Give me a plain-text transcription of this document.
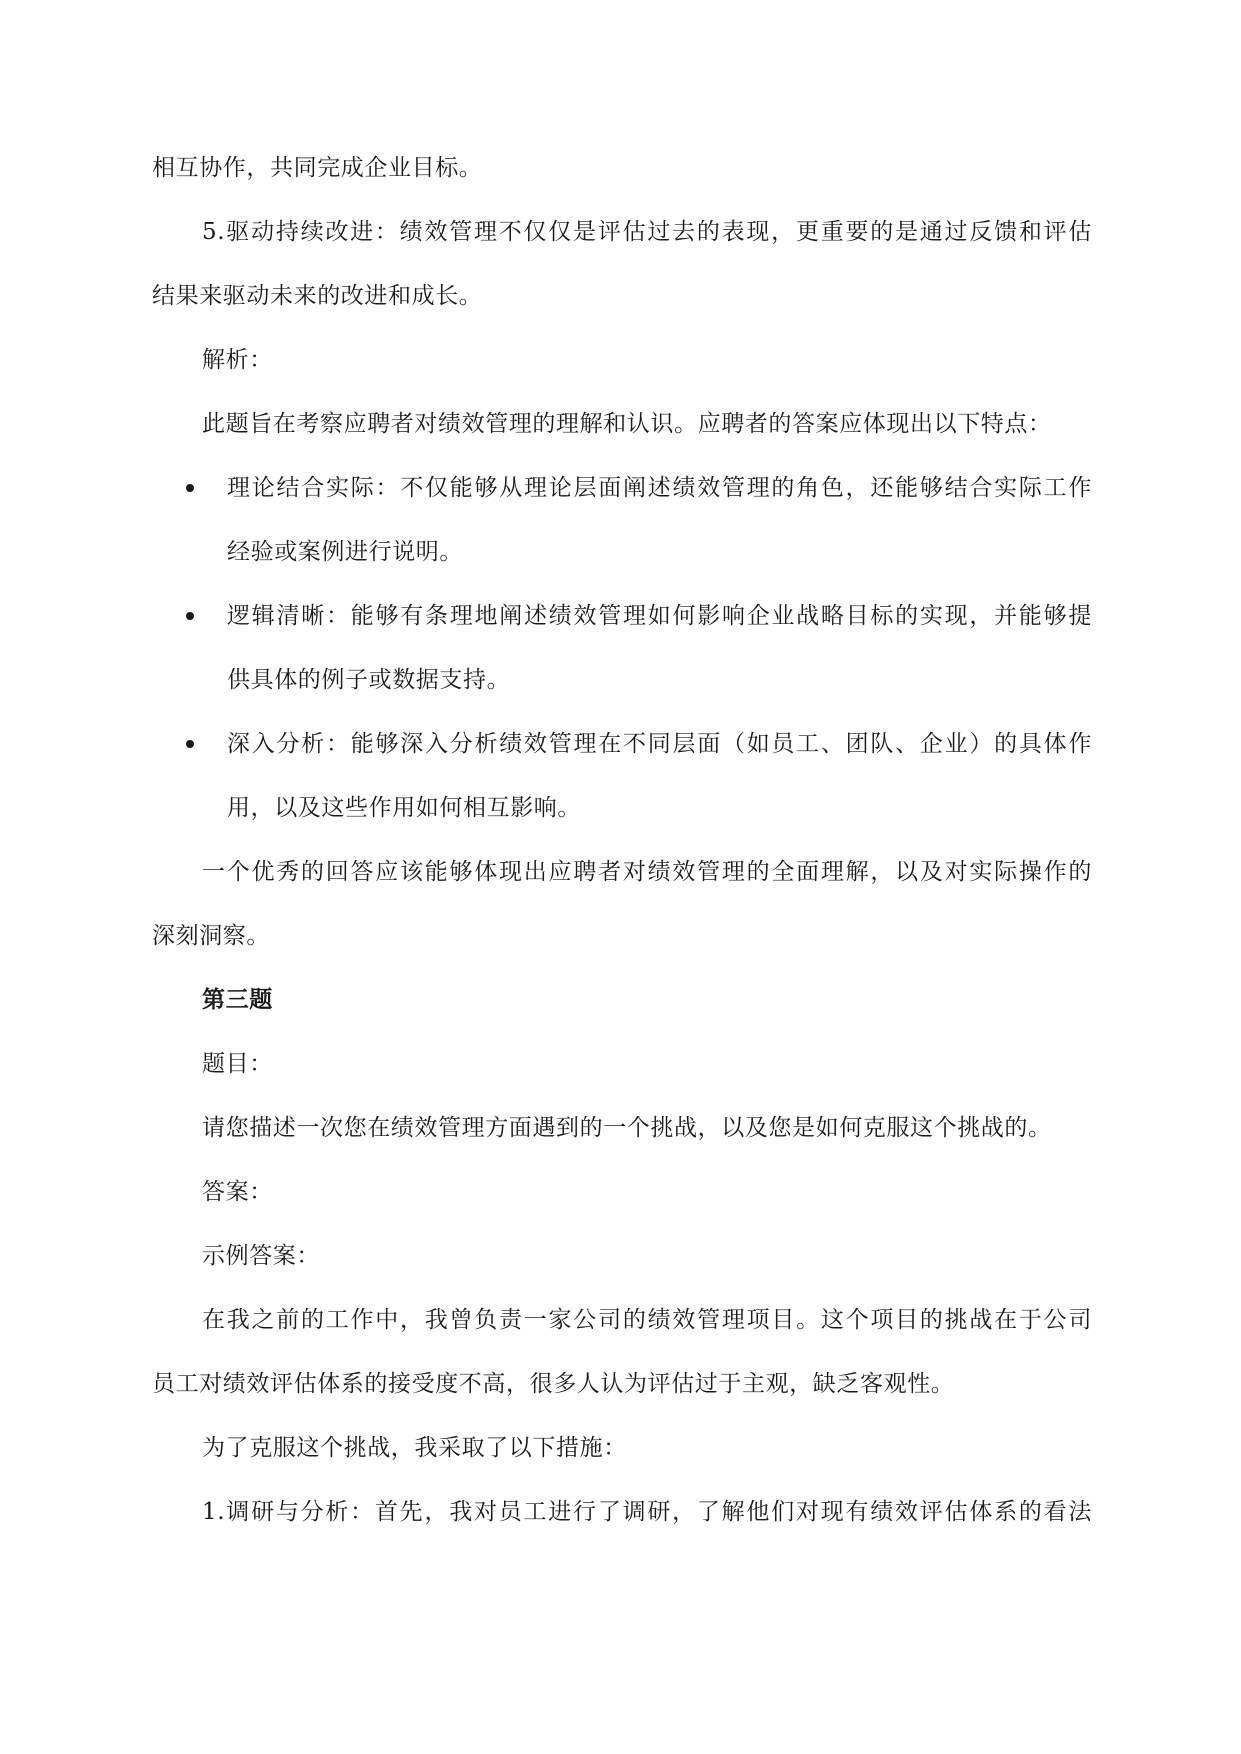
相互协作，共同完成企业目标。
5.驱动持续改进：绩效管理不仅仅是评估过去的表现，更重要的是通过反馈和评估
结果来驱动未来的改进和成长。
解析：
此题旨在考察应聘者对绩效管理的理解和认识。应聘者的答案应体现出以下特点：
理论结合实际：不仅能够从理论层面阐述绩效管理的角色，还能够结合实际工作
经验或案例进行说明。
逻辑清晰：能够有条理地阐述绩效管理如何影响企业战略目标的实现，并能够提
供具体的例子或数据支持。
深入分析：能够深入分析绩效管理在不同层面（如员工、团队、企业）的具体作
用，以及这些作用如何相互影响。
一个优秀的回答应该能够体现出应聘者对绩效管理的全面理解，以及对实际操作的
深刻洞察。
第三题
题目：
请您描述一次您在绩效管理方面遇到的一个挑战，以及您是如何克服这个挑战的。
答案：
示例答案：
在我之前的工作中，我曾负责一家公司的绩效管理项目。这个项目的挑战在于公司
员工对绩效评估体系的接受度不高，很多人认为评估过于主观，缺乏客观性。
为了克服这个挑战，我采取了以下措施：
1.调研与分析：首先，我对员工进行了调研，了解他们对现有绩效评估体系的看法
